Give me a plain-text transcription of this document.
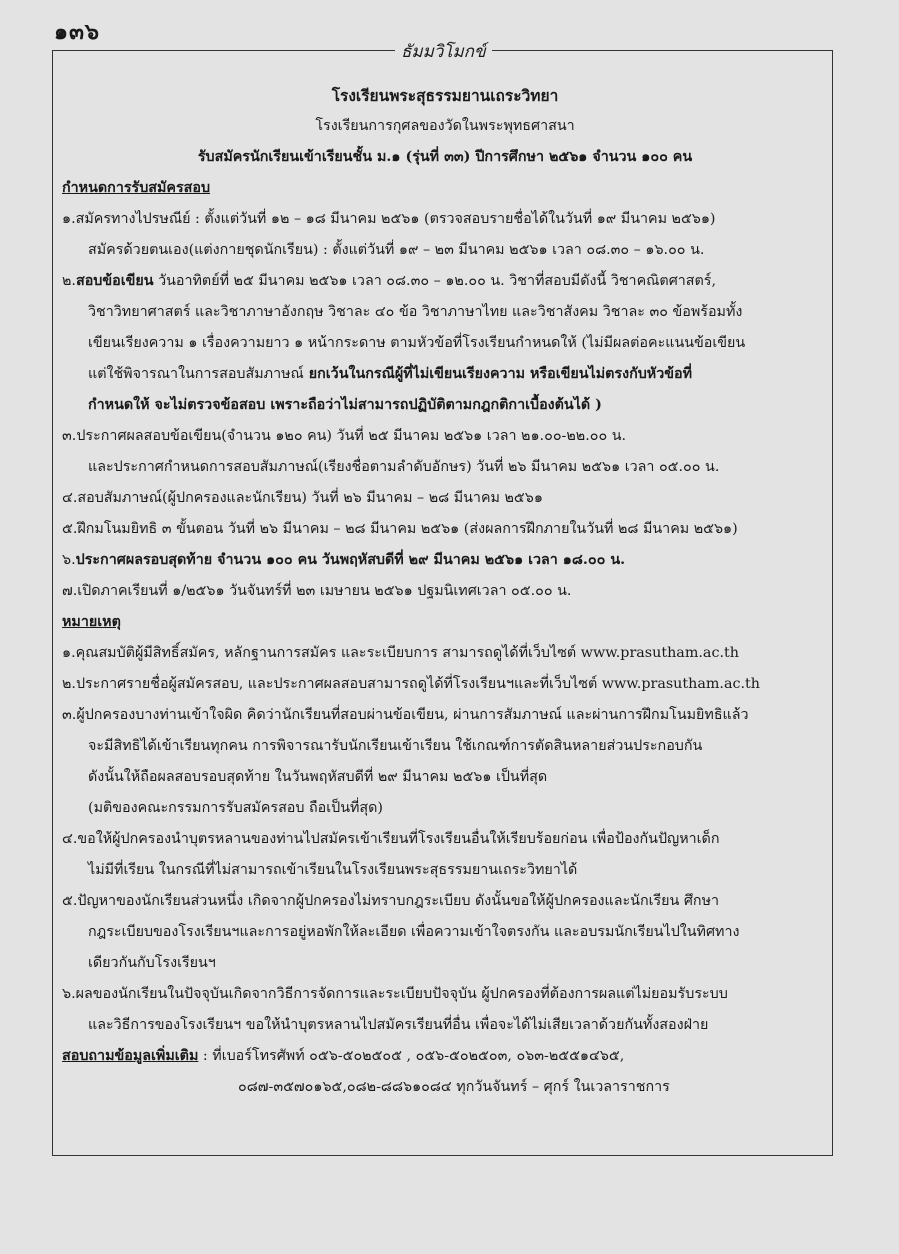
๑๓๖
ธัมมวิโมกข์
โรงเรียนพระสุธรรมยานเถระวิทยา
โรงเรียนการกุศลของวัดในพระพุทธศาสนา
รับสมัครนักเรียนเข้าเรียนชั้น ม.๑ (รุ่นที่ ๓๓) ปีการศึกษา ๒๕๖๑ จำนวน ๑๐๐ คน
กำหนดการรับสมัครสอบ
๑.สมัครทางไปรษณีย์ : ตั้งแต่วันที่ ๑๒ – ๑๘ มีนาคม ๒๕๖๑ (ตรวจสอบรายชื่อได้ในวันที่ ๑๙ มีนาคม ๒๕๖๑)
สมัครด้วยตนเอง(แต่งกายชุดนักเรียน) : ตั้งแต่วันที่ ๑๙ – ๒๓ มีนาคม ๒๕๖๑ เวลา ๐๘.๓๐ – ๑๖.๐๐ น.
๒.สอบข้อเขียน วันอาทิตย์ที่ ๒๕ มีนาคม ๒๕๖๑ เวลา ๐๘.๓๐ – ๑๒.๐๐ น. วิชาที่สอบมีดังนี้ วิชาคณิตศาสตร์,
วิชาวิทยาศาสตร์ และวิชาภาษาอังกฤษ วิชาละ ๔๐ ข้อ วิชาภาษาไทย และวิชาสังคม วิชาละ ๓๐ ข้อพร้อมทั้ง
เขียนเรียงความ ๑ เรื่องความยาว ๑ หน้ากระดาษ ตามหัวข้อที่โรงเรียนกำหนดให้ (ไม่มีผลต่อคะแนนข้อเขียน
แต่ใช้พิจารณาในการสอบสัมภาษณ์ ยกเว้นในกรณีผู้ที่ไม่เขียนเรียงความ หรือเขียนไม่ตรงกับหัวข้อที่
กำหนดให้ จะไม่ตรวจข้อสอบ เพราะถือว่าไม่สามารถปฏิบัติตามกฎกติกาเบื้องต้นได้ )
๓.ประกาศผลสอบข้อเขียน(จำนวน ๑๒๐ คน) วันที่ ๒๕ มีนาคม ๒๕๖๑ เวลา ๒๑.๐๐-๒๒.๐๐ น.
และประกาศกำหนดการสอบสัมภาษณ์(เรียงชื่อตามลำดับอักษร) วันที่ ๒๖ มีนาคม ๒๕๖๑ เวลา ๐๕.๐๐ น.
๔.สอบสัมภาษณ์(ผู้ปกครองและนักเรียน) วันที่ ๒๖ มีนาคม – ๒๘ มีนาคม ๒๕๖๑
๕.ฝึกมโนมยิทธิ ๓ ขั้นตอน วันที่ ๒๖ มีนาคม – ๒๘ มีนาคม ๒๕๖๑ (ส่งผลการฝึกภายในวันที่ ๒๘ มีนาคม ๒๕๖๑)
๖.ประกาศผลรอบสุดท้าย จำนวน ๑๐๐ คน วันพฤหัสบดีที่ ๒๙ มีนาคม ๒๕๖๑ เวลา ๑๘.๐๐ น.
๗.เปิดภาคเรียนที่ ๑/๒๕๖๑ วันจันทร์ที่ ๒๓ เมษายน ๒๕๖๑ ปฐมนิเทศเวลา ๐๕.๐๐ น.
หมายเหตุ
๑.คุณสมบัติผู้มีสิทธิ์สมัคร, หลักฐานการสมัคร และระเบียบการ สามารถดูได้ที่เว็บไซต์ www.prasutham.ac.th
๒.ประกาศรายชื่อผู้สมัครสอบ, และประกาศผลสอบสามารถดูได้ที่โรงเรียนฯและที่เว็บไซต์ www.prasutham.ac.th
๓.ผู้ปกครองบางท่านเข้าใจผิด คิดว่านักเรียนที่สอบผ่านข้อเขียน, ผ่านการสัมภาษณ์ และผ่านการฝึกมโนมยิทธิแล้ว
จะมีสิทธิได้เข้าเรียนทุกคน การพิจารณารับนักเรียนเข้าเรียน ใช้เกณฑ์การตัดสินหลายส่วนประกอบกัน
ดังนั้นให้ถือผลสอบรอบสุดท้าย ในวันพฤหัสบดีที่ ๒๙ มีนาคม ๒๕๖๑ เป็นที่สุด
(มติของคณะกรรมการรับสมัครสอบ ถือเป็นที่สุด)
๔.ขอให้ผู้ปกครองนำบุตรหลานของท่านไปสมัครเข้าเรียนที่โรงเรียนอื่นให้เรียบร้อยก่อน เพื่อป้องกันปัญหาเด็ก
ไม่มีที่เรียน ในกรณีที่ไม่สามารถเข้าเรียนในโรงเรียนพระสุธรรมยานเถระวิทยาได้
๕.ปัญหาของนักเรียนส่วนหนึ่ง เกิดจากผู้ปกครองไม่ทราบกฎระเบียบ ดังนั้นขอให้ผู้ปกครองและนักเรียน ศึกษา
กฎระเบียบของโรงเรียนฯและการอยู่หอพักให้ละเอียด เพื่อความเข้าใจตรงกัน และอบรมนักเรียนไปในทิศทาง
เดียวกันกับโรงเรียนฯ
๖.ผลของนักเรียนในปัจจุบันเกิดจากวิธีการจัดการและระเบียบปัจจุบัน ผู้ปกครองที่ต้องการผลแต่ไม่ยอมรับระบบ
และวิธีการของโรงเรียนฯ ขอให้นำบุตรหลานไปสมัครเรียนที่อื่น เพื่อจะได้ไม่เสียเวลาด้วยกันทั้งสองฝ่าย
สอบถามข้อมูลเพิ่มเติม : ที่เบอร์โทรศัพท์ ๐๕๖-๕๐๒๕๐๕ , ๐๕๖-๕๐๒๕๐๓, ๐๖๓-๒๕๕๑๔๖๕,
๐๘๗-๓๕๗๐๑๖๕,๐๘๒-๘๘๖๑๐๘๔ ทุกวันจันทร์ – ศุกร์ ในเวลาราชการ
